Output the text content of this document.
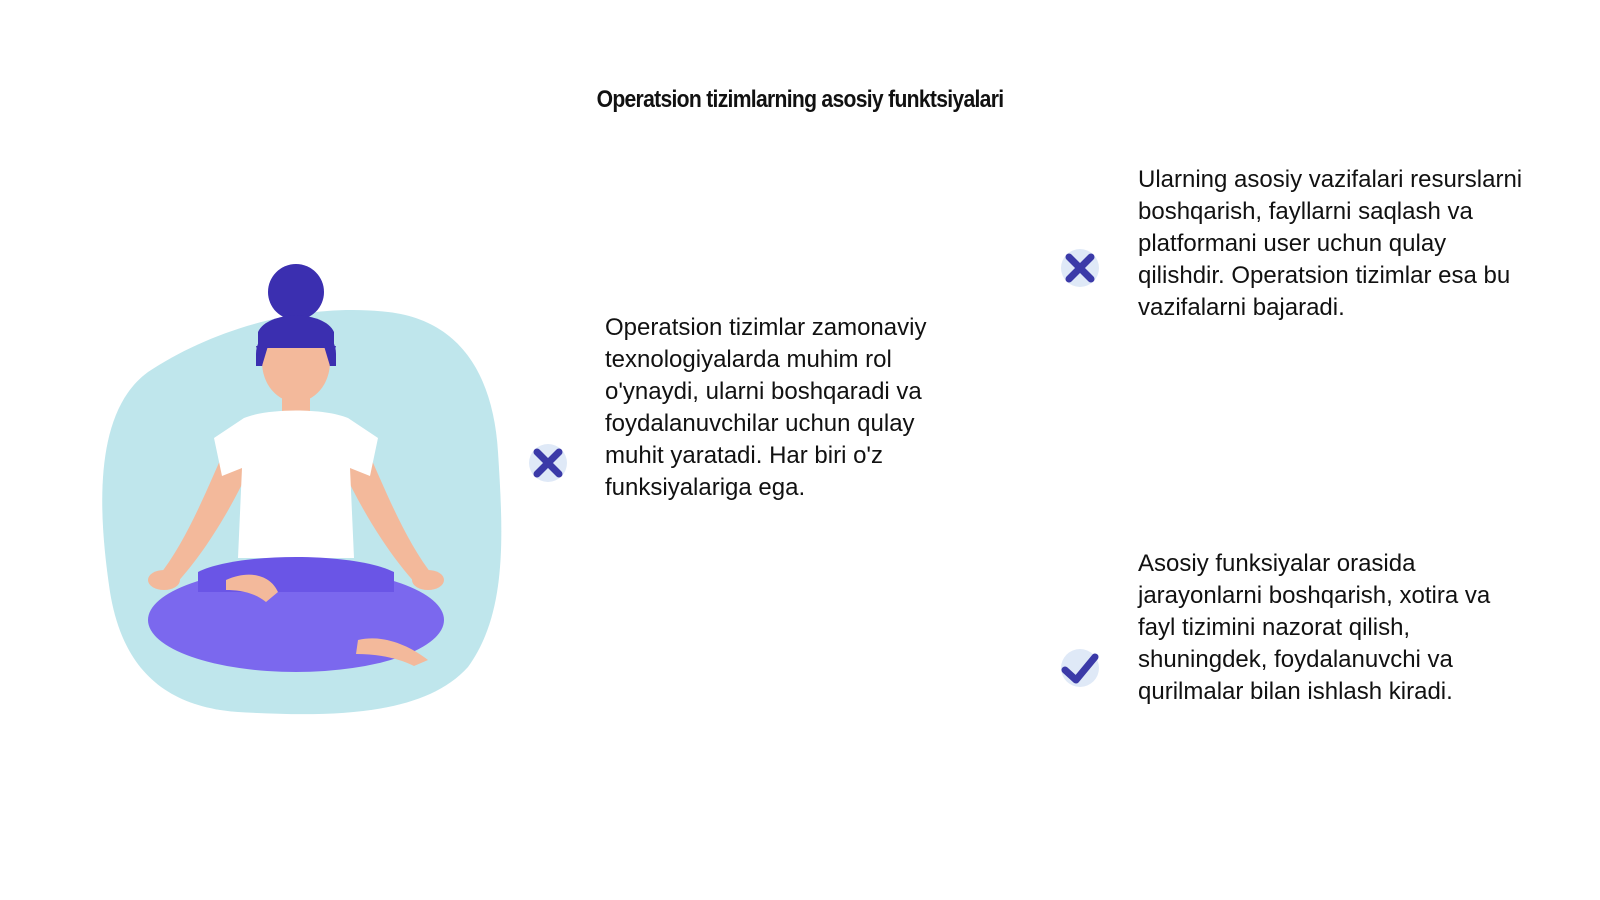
Operatsion tizimlarning asosiy funktsiyalari
Operatsion tizimlar zamonaviy texnologiyalarda muhim rol o'ynaydi, ularni boshqaradi va foydalanuvchilar uchun qulay muhit yaratadi. Har biri o'z funksiyalariga ega.
Ularning asosiy vazifalari resurslarni boshqarish, fayllarni saqlash va platformani user uchun qulay qilishdir. Operatsion tizimlar esa bu vazifalarni bajaradi.
Asosiy funksiyalar orasida jarayonlarni boshqarish, xotira va fayl tizimini nazorat qilish, shuningdek, foydalanuvchi va qurilmalar bilan ishlash kiradi.
